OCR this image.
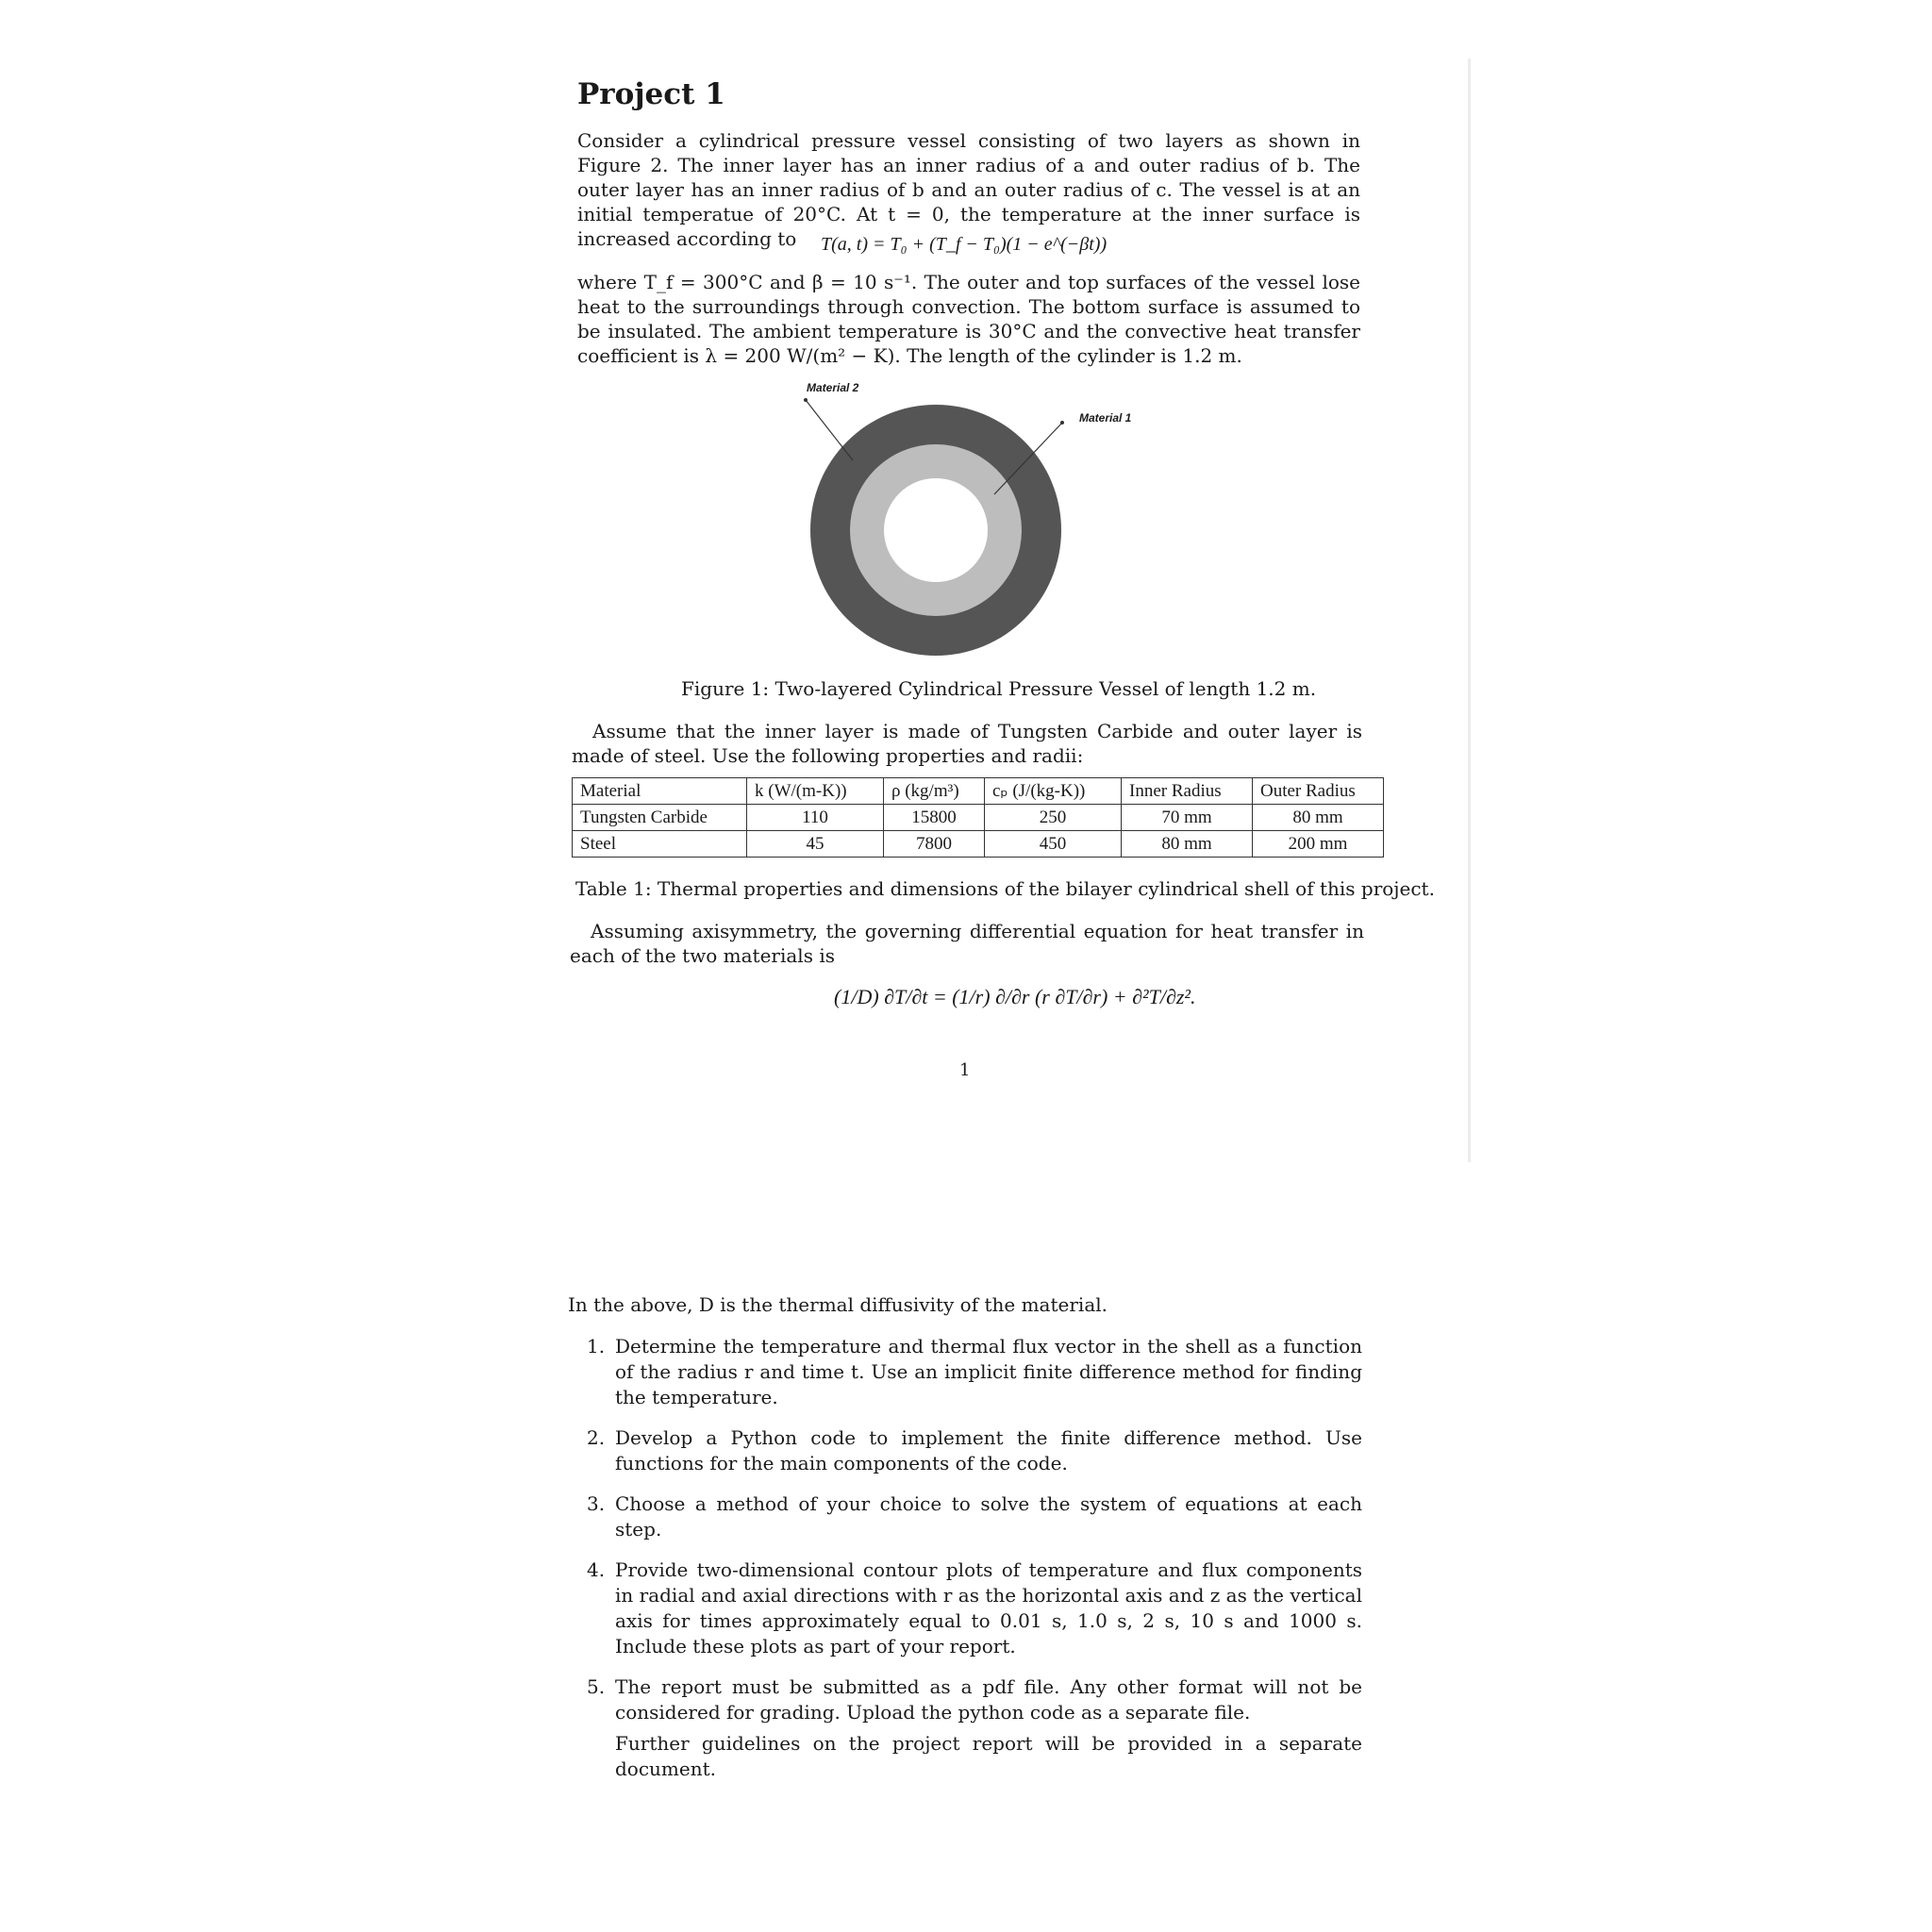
Project 1
Consider a cylindrical pressure vessel consisting of two layers as shown in Figure 2. The inner layer has an inner radius of a and outer radius of b. The outer layer has an inner radius of b and an outer radius of c. The vessel is at an initial temperatue of 20°C. At t = 0, the temperature at the inner surface is increased according to	T(a, t) = T₀ + (T_f − T₀)(1 − e^(−βt))
where T_f = 300°C and β = 10 s⁻¹. The outer and top surfaces of the vessel lose heat to the surroundings through convection. The bottom surface is assumed to be insulated. The ambient temperature is 30°C and the convective heat transfer coefficient is λ = 200 W/(m² − K). The length of the cylinder is 1.2 m.
Material 2
Material 1
Figure 1: Two-layered Cylindrical Pressure Vessel of length 1.2 m.
Assume that the inner layer is made of Tungsten Carbide and outer layer is made of steel. Use the following properties and radii:
Material	k (W/(m-K))	ρ (kg/m³)	cₚ (J/(kg-K))	Inner Radius	Outer Radius
Tungsten Carbide	110	15800	250	70 mm	80 mm
Steel	45	7800	450	80 mm	200 mm
Table 1: Thermal properties and dimensions of the bilayer cylindrical shell of this project.
Assuming axisymmetry, the governing differential equation for heat transfer in each of the two materials is
(1/D) ∂T/∂t = (1/r) ∂/∂r (r ∂T/∂r) + ∂²T/∂z².
1
In the above, D is the thermal diffusivity of the material.
1. Determine the temperature and thermal flux vector in the shell as a function of the radius r and time t. Use an implicit finite difference method for finding the temperature.
2. Develop a Python code to implement the finite difference method. Use functions for the main components of the code.
3. Choose a method of your choice to solve the system of equations at each step.
4. Provide two-dimensional contour plots of temperature and flux components in radial and axial directions with r as the horizontal axis and z as the vertical axis for times approximately equal to 0.01 s, 1.0 s, 2 s, 10 s and 1000 s. Include these plots as part of your report.
5. The report must be submitted as a pdf file. Any other format will not be considered for grading. Upload the python code as a separate file.
Further guidelines on the project report will be provided in a separate document.
